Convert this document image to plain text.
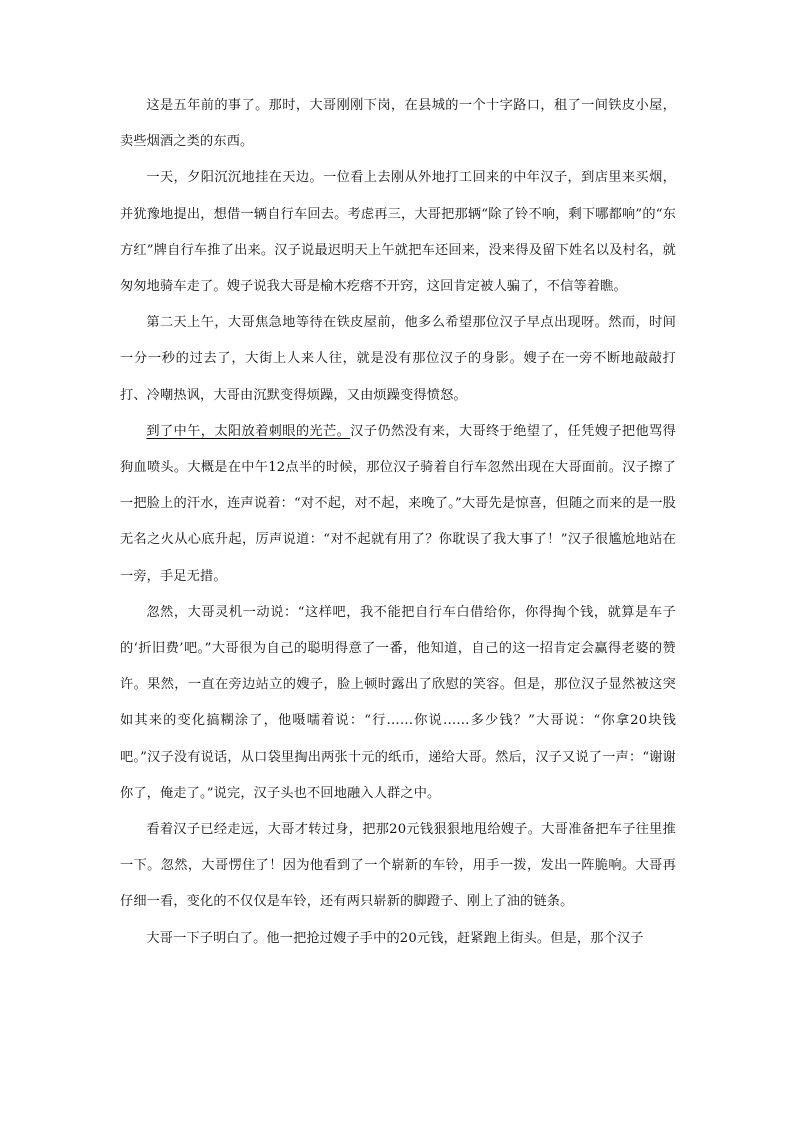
这是五年前的事了。那时，大哥刚刚下岗，在县城的一个十字路口，租了一间铁皮小屋，卖些烟酒之类的东西。

一天，夕阳沉沉地挂在天边。一位看上去刚从外地打工回来的中年汉子，到店里来买烟，并犹豫地提出，想借一辆自行车回去。考虑再三，大哥把那辆“除了铃不响，剩下哪都响”的“东方红”牌自行车推了出来。汉子说最迟明天上午就把车还回来，没来得及留下姓名以及村名，就匆匆地骑车走了。嫂子说我大哥是榆木疙瘩不开窍，这回肯定被人骗了，不信等着瞧。

第二天上午，大哥焦急地等待在铁皮屋前，他多么希望那位汉子早点出现呀。然而，时间一分一秒的过去了，大街上人来人往，就是没有那位汉子的身影。嫂子在一旁不断地敲敲打打、冷嘲热讽，大哥由沉默变得烦躁，又由烦躁变得愤怒。

到了中午，太阳放着刺眼的光芒。汉子仍然没有来，大哥终于绝望了，任凭嫂子把他骂得狗血喷头。大概是在中午12点半的时候，那位汉子骑着自行车忽然出现在大哥面前。汉子擦了一把脸上的汗水，连声说着：“对不起，对不起，来晚了。”大哥先是惊喜，但随之而来的是一股无名之火从心底升起，厉声说道：“对不起就有用了？你耽误了我大事了！”汉子很尴尬地站在一旁，手足无措。

忽然，大哥灵机一动说：“这样吧，我不能把自行车白借给你，你得掏个钱，就算是车子的‘折旧费’吧。”大哥很为自己的聪明得意了一番，他知道，自己的这一招肯定会赢得老婆的赞许。果然，一直在旁边站立的嫂子，脸上顿时露出了欣慰的笑容。但是，那位汉子显然被这突如其来的变化搞糊涂了，他嗫嚅着说：“行……你说……多少钱？”大哥说：“你拿20块钱吧。”汉子没有说话，从口袋里掏出两张十元的纸币，递给大哥。然后，汉子又说了一声：“谢谢你了，俺走了。”说完，汉子头也不回地融入人群之中。

看着汉子已经走远，大哥才转过身，把那20元钱狠狠地甩给嫂子。大哥准备把车子往里推一下。忽然，大哥愣住了！因为他看到了一个崭新的车铃，用手一拨，发出一阵脆响。大哥再仔细一看，变化的不仅仅是车铃，还有两只崭新的脚蹬子、刚上了油的链条。

大哥一下子明白了。他一把抢过嫂子手中的20元钱，赶紧跑上街头。但是，那个汉子
